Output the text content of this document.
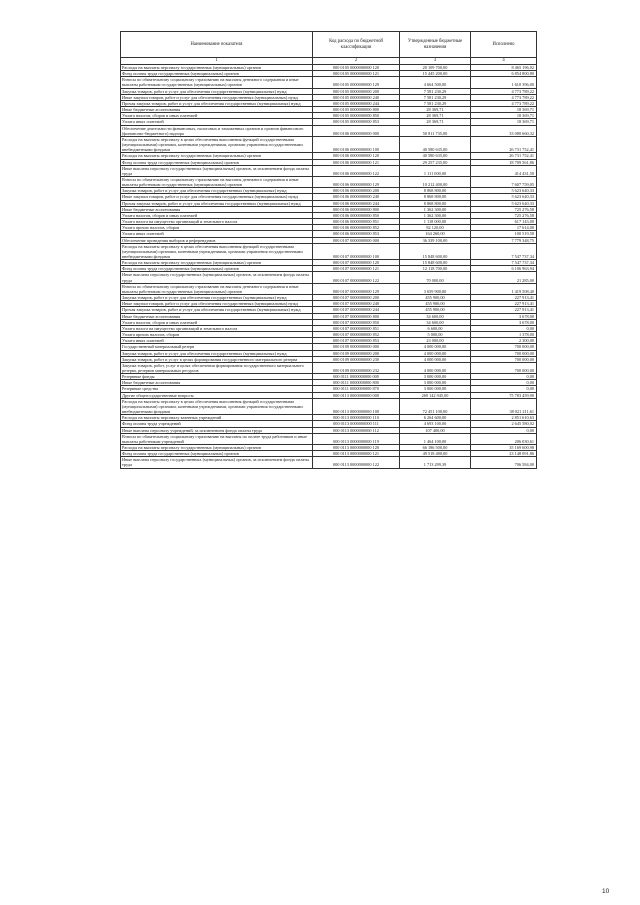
Наименование показателя	Код расхода по бюджетной классификации	Утвержденные бюджетные назначения	Исполнено
1	2	3	4
Расходы на выплаты персоналу государственных (муниципальных) органов	000 0105 0000000000 120	20 109 700,00	8 465 196,02
Фонд оплаты труда государственных (муниципальных) органов	000 0105 0000000000 121	15 445 200,00	6 854 800,80
Взносы по обязательному социальному страхованию на выплаты денежного содержания и иные выплаты работникам государственных (муниципальных) органов	000 0105 0000000000 129	4 664 500,00	1 610 396,00
Закупка товаров, работ и услуг для обеспечения государственных (муниципальных) нужд	000 0105 0000000000 200	7 581 230,29	4 773 789,22
Иные закупки товаров, работ и услуг для обеспечения государственных (муниципальных) нужд	000 0105 0000000000 240	7 581 230,29	4 773 789,22
Прочая закупка товаров, работ и услуг для обеспечения государственных (муниципальных) нужд	000 0105 0000000000 244	7 581 230,29	4 773 789,22
Иные бюджетные ассигнования	000 0105 0000000000 800	28 369,71	18 369,71
Уплата налогов, сборов и иных платежей	000 0105 0000000000 850	28 369,71	18 369,71
Уплата иных платежей	000 0105 0000000000 853	28 369,71	18 369,71
Обеспечение деятельности финансовых, налоговых и таможенных органов и органов финансового (финансово-бюджетного) надзора	000 0106 0000000000 000	50 811 735,00	33 080 660,32
Расходы на выплаты персоналу в целях обеспечения выполнения функций государственными (муниципальными) органами, казенными учреждениями, органами управления государственными внебюджетными фондами	000 0106 0000000000 100	40 580 635,00	26 731 752,41
Расходы на выплаты персоналу государственных (муниципальных) органов	000 0106 0000000000 120	40 580 635,00	26 731 752,41
Фонд оплаты труда государственных (муниципальных) органов	000 0106 0000000000 121	29 257 235,00	18 709 561,86
Иные выплаты персоналу государственных (муниципальных) органов, за исключением фонда оплаты труда	000 0106 0000000000 122	1 111 000,00	414 431,50
Взносы по обязательному социальному страхованию на выплаты денежного содержания и иные выплаты работникам государственных (муниципальных) органов	000 0106 0000000000 129	10 212 400,00	7 607 759,05
Закупка товаров, работ и услуг для обеспечения государственных (муниципальных) нужд	000 0106 0000000000 200	8 868 800,00	5 623 640,33
Иные закупки товаров, работ и услуг для обеспечения государственных (муниципальных) нужд	000 0106 0000000000 240	8 868 800,00	5 623 640,33
Прочая закупка товаров, работ и услуг для обеспечения государственных (муниципальных) нужд	000 0106 0000000000 244	8 868 800,00	5 623 640,33
Иные бюджетные ассигнования	000 0106 0000000000 800	1 362 300,00	725 276,58
Уплата налогов, сборов и иных платежей	000 0106 0000000000 850	1 362 300,00	725 276,58
Уплата налога на имущество организаций и земельного налога	000 0106 0000000000 851	1 118 000,00	617 143,00
Уплата прочих налогов, сборов	000 0106 0000000000 852	82 120,00	17 614,00
Уплата иных платежей	000 0106 0000000000 853	164 260,00	100 519,58
Обеспечение проведения выборов и референдумов	000 0107 0000000000 000	36 339 100,00	7 779 348,75
Расходы на выплаты персоналу в целях обеспечения выполнения функций государственными (муниципальными) органами, казенными учреждениями, органами управления государственными внебюджетными фондами	000 0107 0000000000 100	15 848 600,00	7 547 737,34
Расходы на выплаты персоналу государственных (муниципальных) органов	000 0107 0000000000 120	15 848 600,00	7 547 737,34
Фонд оплаты труда государственных (муниципальных) органов	000 0107 0000000000 121	12 118 700,00	6 106 963,94
Иные выплаты персоналу государственных (муниципальных) органов, за исключением фонда оплаты труда	000 0107 0000000000 122	70 000,00	21 285,00
Взносы по обязательному социальному страхованию на выплаты денежного содержания и иные выплаты работникам государственных (муниципальных) органов	000 0107 0000000000 129	3 659 900,00	1 419 508,40
Закупка товаров, работ и услуг для обеспечения государственных (муниципальных) нужд	000 0107 0000000000 200	455 900,00	227 913,41
Иные закупки товаров, работ и услуг для обеспечения государственных (муниципальных) нужд	000 0107 0000000000 240	455 900,00	227 913,41
Прочая закупка товаров, работ и услуг для обеспечения государственных (муниципальных) нужд	000 0107 0000000000 244	455 900,00	227 913,41
Иные бюджетные ассигнования	000 0107 0000000000 800	34 600,00	3 678,00
Уплата налогов, сборов и иных платежей	000 0107 0000000000 850	34 600,00	3 678,00
Уплата налога на имущество организаций и земельного налога	000 0107 0000000000 851	6 600,00	0,00
Уплата прочих налогов, сборов	000 0107 0000000000 852	5 000,00	1 378,00
Уплата иных платежей	000 0107 0000000000 853	23 000,00	2 300,00
Государственный материальный резерв	000 0109 0000000000 000	4 000 000,00	700 000,00
Закупка товаров, работ и услуг для обеспечения государственных (муниципальных) нужд	000 0109 0000000000 200	4 000 000,00	700 000,00
Закупка товаров, работ и услуг в целях формирования государственного материального резерва	000 0109 0000000000 230	4 000 000,00	700 000,00
Закупка товаров, работ, услуг в целях обеспечения формирования государственного материального резерва, резервов материальных ресурсов	000 0109 0000000000 232	4 000 000,00	700 000,00
Резервные фонды	000 0111 0000000000 000	3 000 000,00	0,00
Иные бюджетные ассигнования	000 0111 0000000000 800	3 000 000,00	0,00
Резервные средства	000 0111 0000000000 870	3 000 000,00	0,00
Другие общегосударственные вопросы	000 0113 0000000000 000	269 142 945,00	75 783 459,90
Расходы на выплаты персоналу в целях обеспечения выполнения функций государственными (муниципальными) органами, казенными учреждениями, органами управления государственными внебюджетными фондами	000 0113 0000000000 100	72 451 100,00	38 021 211,61
Расходы на выплаты персоналу казенных учреждений	000 0113 0000000000 110	6 264 600,00	2 851 610,63
Фонд оплаты труда учреждений	000 0113 0000000000 111	4 693 100,00	2 645 580,02
Иные выплаты персоналу учреждений, за исключением фонда оплаты труда	000 0113 0000000000 112	107 400,00	0,00
Взносы по обязательному социальному страхованию на выплаты по оплате труда работников и иные выплаты работникам учреждений	000 0113 0000000000 119	1 464 100,00	206 030,61
Расходы на выплаты персоналу государственных (муниципальных) органов	000 0113 0000000000 120	66 186 500,00	35 169 600,98
Фонд оплаты труда государственных (муниципальных) органов	000 0113 0000000000 121	49 518 480,00	23 148 091,86
Иные выплаты персоналу государственных (муниципальных) органов, за исключением фонда оплаты труда	000 0113 0000000000 122	1 713 299,39	706 584,00
10
